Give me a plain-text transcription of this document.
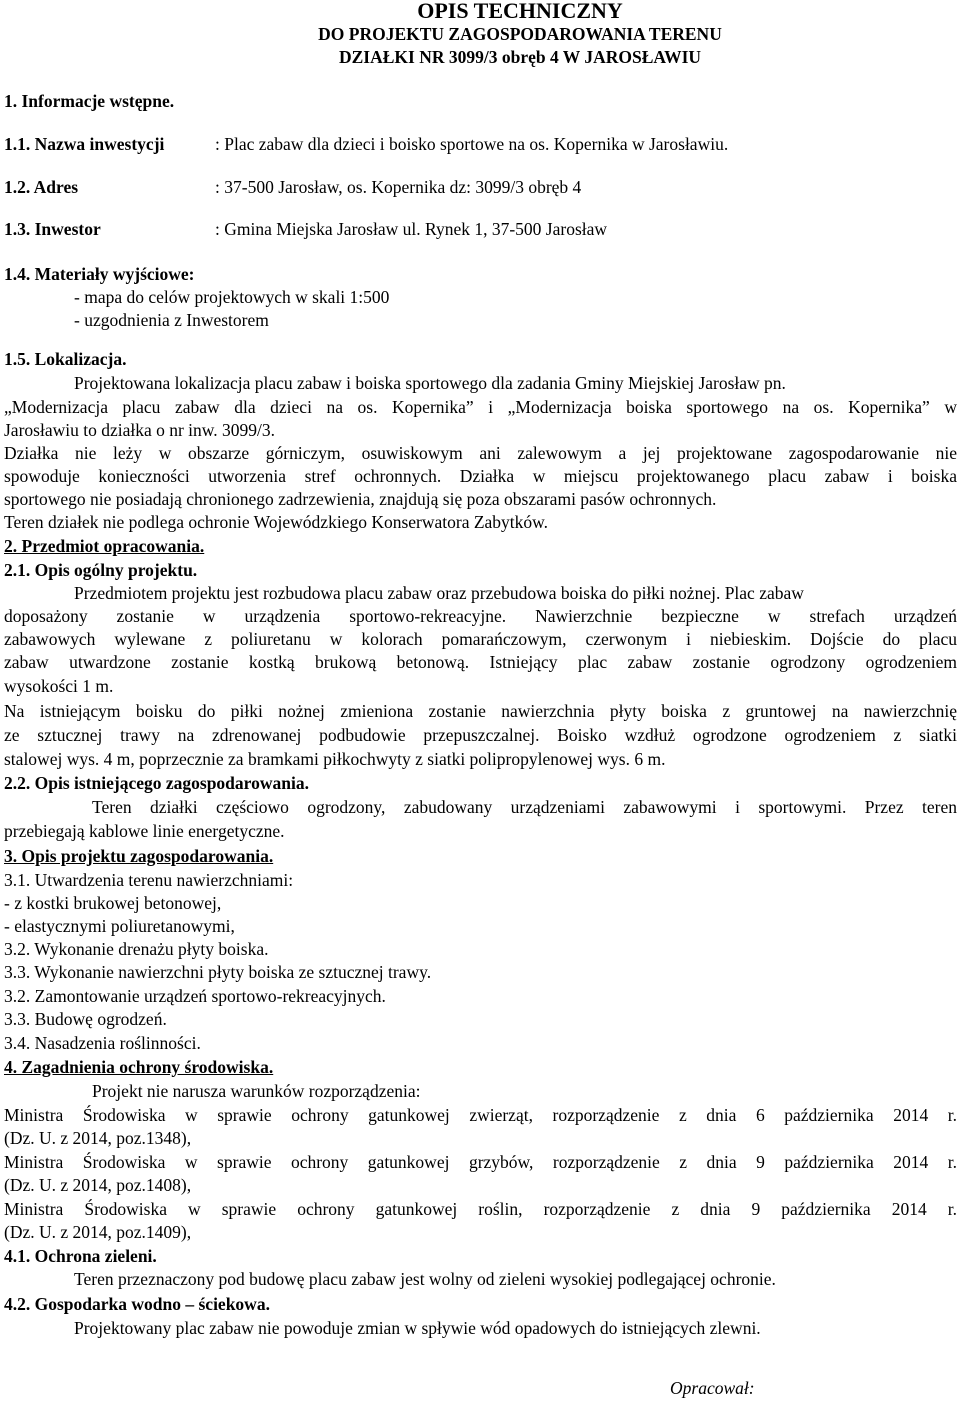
OPIS TECHNICZNY
DO PROJEKTU ZAGOSPODAROWANIA TERENU
DZIAŁKI NR 3099/3 obręb 4 W JAROSŁAWIU
1. Informacje wstępne.
1.1. Nazwa inwestycji	: Plac zabaw dla dzieci i boisko sportowe na os. Kopernika w Jarosławiu.
1.2. Adres	: 37-500 Jarosław, os. Kopernika dz: 3099/3 obręb 4
1.3. Inwestor	: Gmina Miejska Jarosław ul. Rynek 1, 37-500 Jarosław
1.4. Materiały wyjściowe:
- mapa do celów projektowych w skali 1:500
- uzgodnienia z Inwestorem
1.5. Lokalizacja.
Projektowana lokalizacja placu zabaw i boiska sportowego dla zadania Gminy Miejskiej Jarosław pn.
„Modernizacja placu zabaw dla dzieci na os. Kopernika” i „Modernizacja boiska sportowego na os. Kopernika” w
Jarosławiu to działka o nr inw. 3099/3.
Działka nie leży w obszarze górniczym, osuwiskowym ani zalewowym a jej projektowane zagospodarowanie nie
spowoduje konieczności utworzenia stref ochronnych. Działka w miejscu projektowanego placu zabaw i boiska
sportowego nie posiadają chronionego zadrzewienia, znajdują się poza obszarami pasów ochronnych.
Teren działek nie podlega ochronie Wojewódzkiego Konserwatora Zabytków.
2. Przedmiot opracowania.
2.1. Opis ogólny projektu.
Przedmiotem projektu jest rozbudowa placu zabaw oraz przebudowa boiska do piłki nożnej. Plac zabaw
doposażony zostanie w urządzenia sportowo-rekreacyjne. Nawierzchnie bezpieczne w strefach urządzeń
zabawowych wylewane z poliuretanu w kolorach pomarańczowym, czerwonym i niebieskim. Dojście do placu
zabaw utwardzone zostanie kostką brukową betonową. Istniejący plac zabaw zostanie ogrodzony ogrodzeniem
wysokości 1 m.
Na istniejącym boisku do piłki nożnej zmieniona zostanie nawierzchnia płyty boiska z gruntowej na nawierzchnię
ze sztucznej trawy na zdrenowanej podbudowie przepuszczalnej. Boisko wzdłuż ogrodzone ogrodzeniem z siatki
stalowej wys. 4 m, poprzecznie za bramkami piłkochwyty z siatki polipropylenowej wys. 6 m.
2.2. Opis istniejącego zagospodarowania.
Teren działki częściowo ogrodzony, zabudowany urządzeniami zabawowymi i sportowymi. Przez teren
przebiegają kablowe linie energetyczne.
3. Opis projektu zagospodarowania.
3.1. Utwardzenia terenu nawierzchniami:
- z kostki brukowej betonowej,
- elastycznymi poliuretanowymi,
3.2. Wykonanie drenażu płyty boiska.
3.3. Wykonanie nawierzchni płyty boiska ze sztucznej trawy.
3.2. Zamontowanie urządzeń sportowo-rekreacyjnych.
3.3. Budowę ogrodzeń.
3.4. Nasadzenia roślinności.
4. Zagadnienia ochrony środowiska.
Projekt nie narusza warunków rozporządzenia:
Ministra Środowiska w sprawie ochrony gatunkowej zwierząt, rozporządzenie z dnia 6 października 2014 r.
(Dz. U. z 2014, poz.1348),
Ministra Środowiska w sprawie ochrony gatunkowej grzybów, rozporządzenie z dnia 9 października 2014 r.
(Dz. U. z 2014, poz.1408),
Ministra Środowiska w sprawie ochrony gatunkowej roślin, rozporządzenie z dnia 9 października 2014 r.
(Dz. U. z 2014, poz.1409),
4.1. Ochrona zieleni.
Teren przeznaczony pod budowę placu zabaw jest wolny od zieleni wysokiej podlegającej ochronie.
4.2. Gospodarka wodno – ściekowa.
Projektowany plac zabaw nie powoduje zmian w spływie wód opadowych do istniejących zlewni.
Opracował:
